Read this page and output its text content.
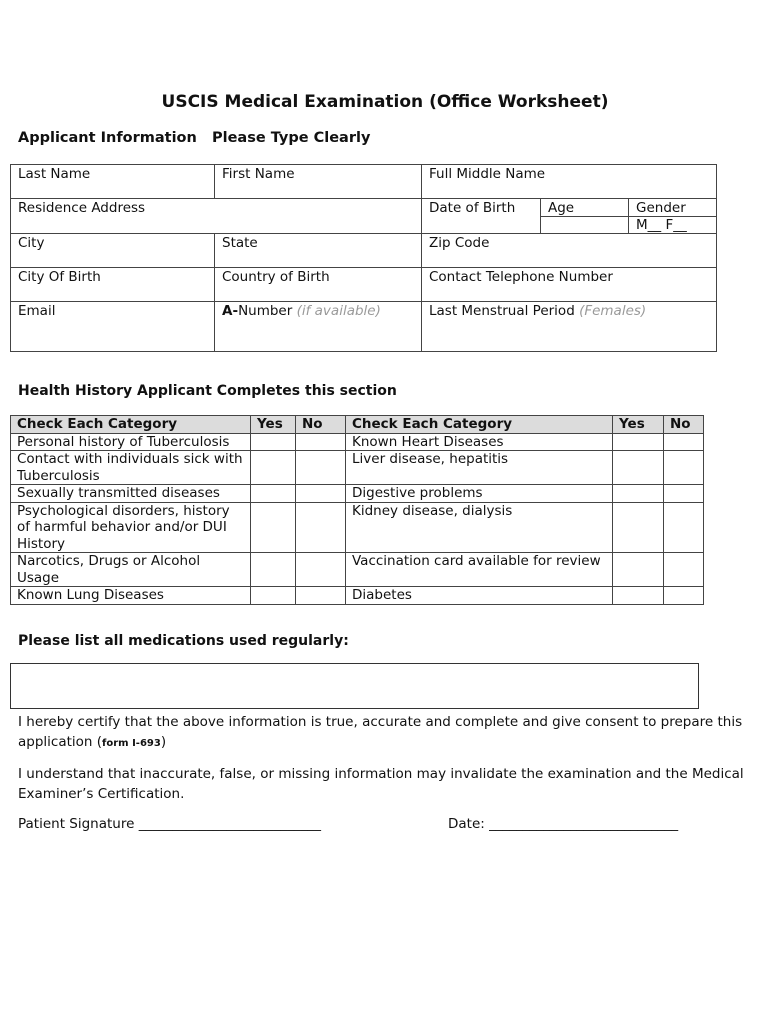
USCIS Medical Examination (Office Worksheet)
Applicant Information Please Type Clearly
Last Name	First Name	Full Middle Name		

Residence Address		Date of Birth	Age	Gender
M__ F__

City	State	Zip Code		

City Of Birth	Country of Birth	Contact Telephone Number		

Email	A-Number (if available)	Last Menstrual Period (Females)		
Health History Applicant Completes this section
Check Each Category	Yes	No	Check Each Category	Yes	No
Personal history of Tuberculosis			Known Heart Diseases		
Contact with individuals sick with Tuberculosis			Liver disease, hepatitis		
Sexually transmitted diseases			Digestive problems		
Psychological disorders, history of harmful behavior and/or DUI History			Kidney disease, dialysis		
Narcotics, Drugs or Alcohol Usage			Vaccination card available for review		
Known Lung Diseases			Diabetes		
Please list all medications used regularly:
I hereby certify that the above information is true, accurate and complete and give consent to prepare this application (form I-693)
I understand that inaccurate, false, or missing information may invalidate the examination and the Medical Examiner’s Certification.
Patient Signature ___________________________	Date: ____________________________
